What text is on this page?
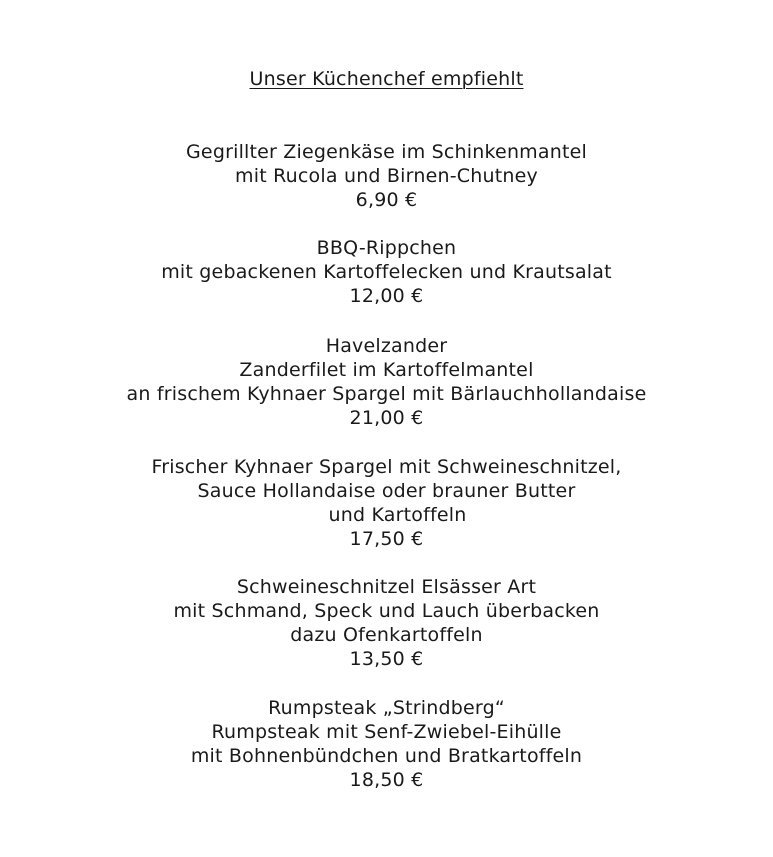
Unser Küchenchef empfiehlt
Gegrillter Ziegenkäse im Schinkenmantel
mit Rucola und Birnen-Chutney
6,90 €
BBQ-Rippchen
mit gebackenen Kartoffelecken und Krautsalat
12,00 €
Havelzander
Zanderfilet im Kartoffelmantel
an frischem Kyhnaer Spargel mit Bärlauchhollandaise
21,00 €
Frischer Kyhnaer Spargel mit Schweineschnitzel,
Sauce Hollandaise oder brauner Butter
und Kartoffeln
17,50 €
Schweineschnitzel Elsässer Art
mit Schmand, Speck und Lauch überbacken
dazu Ofenkartoffeln
13,50 €
Rumpsteak „Strindberg“
Rumpsteak mit Senf-Zwiebel-Eihülle
mit Bohnenbündchen und Bratkartoffeln
18,50 €
